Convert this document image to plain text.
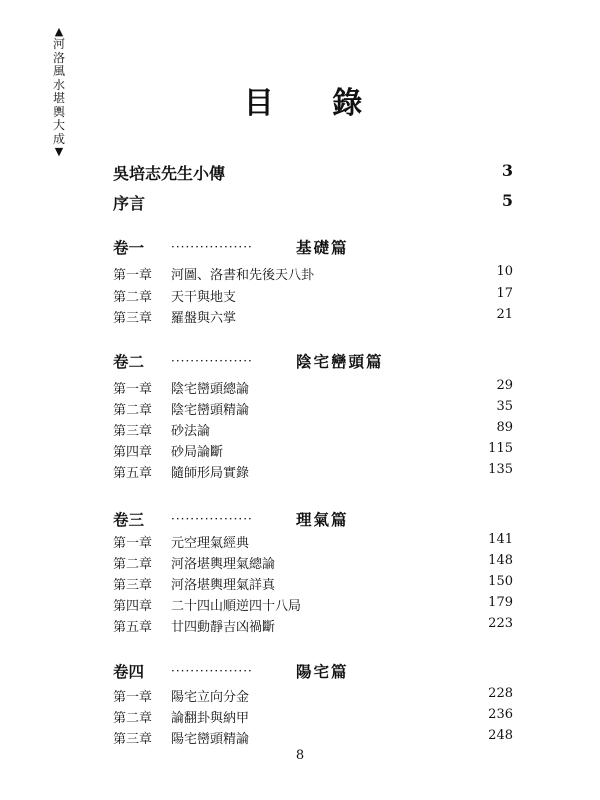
▲
河
洛
風
水
堪
輿
大
成
▼
目 錄
吳培志先生小傳	3
序言	5
卷一	·················	基礎篇
第一章	河圖、洛書和先後天八卦	10
第二章	天干與地支	17
第三章	羅盤與六掌	21
卷二	·················	陰宅巒頭篇
第一章	陰宅巒頭總論	29
第二章	陰宅巒頭精論	35
第三章	砂法論	89
第四章	砂局論斷	115
第五章	隨師形局實錄	135
卷三	·················	理氣篇
第一章	元空理氣經典	141
第二章	河洛堪輿理氣總論	148
第三章	河洛堪輿理氣詳真	150
第四章	二十四山順逆四十八局	179
第五章	廿四動靜吉凶禍斷	223
卷四	·················	陽宅篇
第一章	陽宅立向分金	228
第二章	論翻卦與納甲	236
第三章	陽宅巒頭精論	248
8
